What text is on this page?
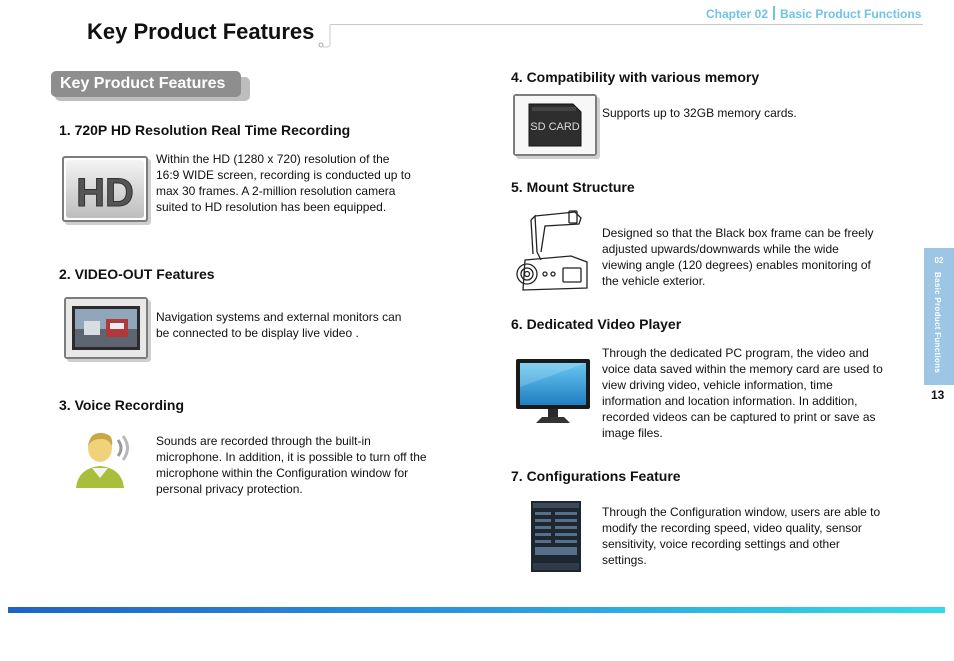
Chapter 02 Basic Product Functions
Key Product Features
Key Product Features
1. 720P HD Resolution Real Time Recording
HD
Within the HD (1280 x 720) resolution of the 16:9 WIDE screen, recording is conducted up to max 30 frames. A 2-million resolution camera suited to HD resolution has been equipped.
2. VIDEO-OUT Features
Navigation systems and external monitors can be connected to be display live video .
3. Voice Recording
Sounds are recorded through the built-in microphone. In addition, it is possible to turn off the microphone within the Configuration window for personal privacy protection.
4. Compatibility with various memory
SD CARD
Supports up to 32GB memory cards.
5. Mount Structure
Designed so that the Black box frame can be freely adjusted upwards/downwards while the wide viewing angle (120 degrees) enables monitoring of the vehicle exterior.
6. Dedicated Video Player
Through the dedicated PC program, the video and voice data saved within the memory card are used to view driving video, vehicle information, time information and location information. In addition, recorded videos can be captured to print or save as image files.
7. Configurations Feature
Through the Configuration window, users are able to modify the recording speed, video quality, sensor sensitivity, voice recording settings and other settings.
02
Basic Product Functions
13
